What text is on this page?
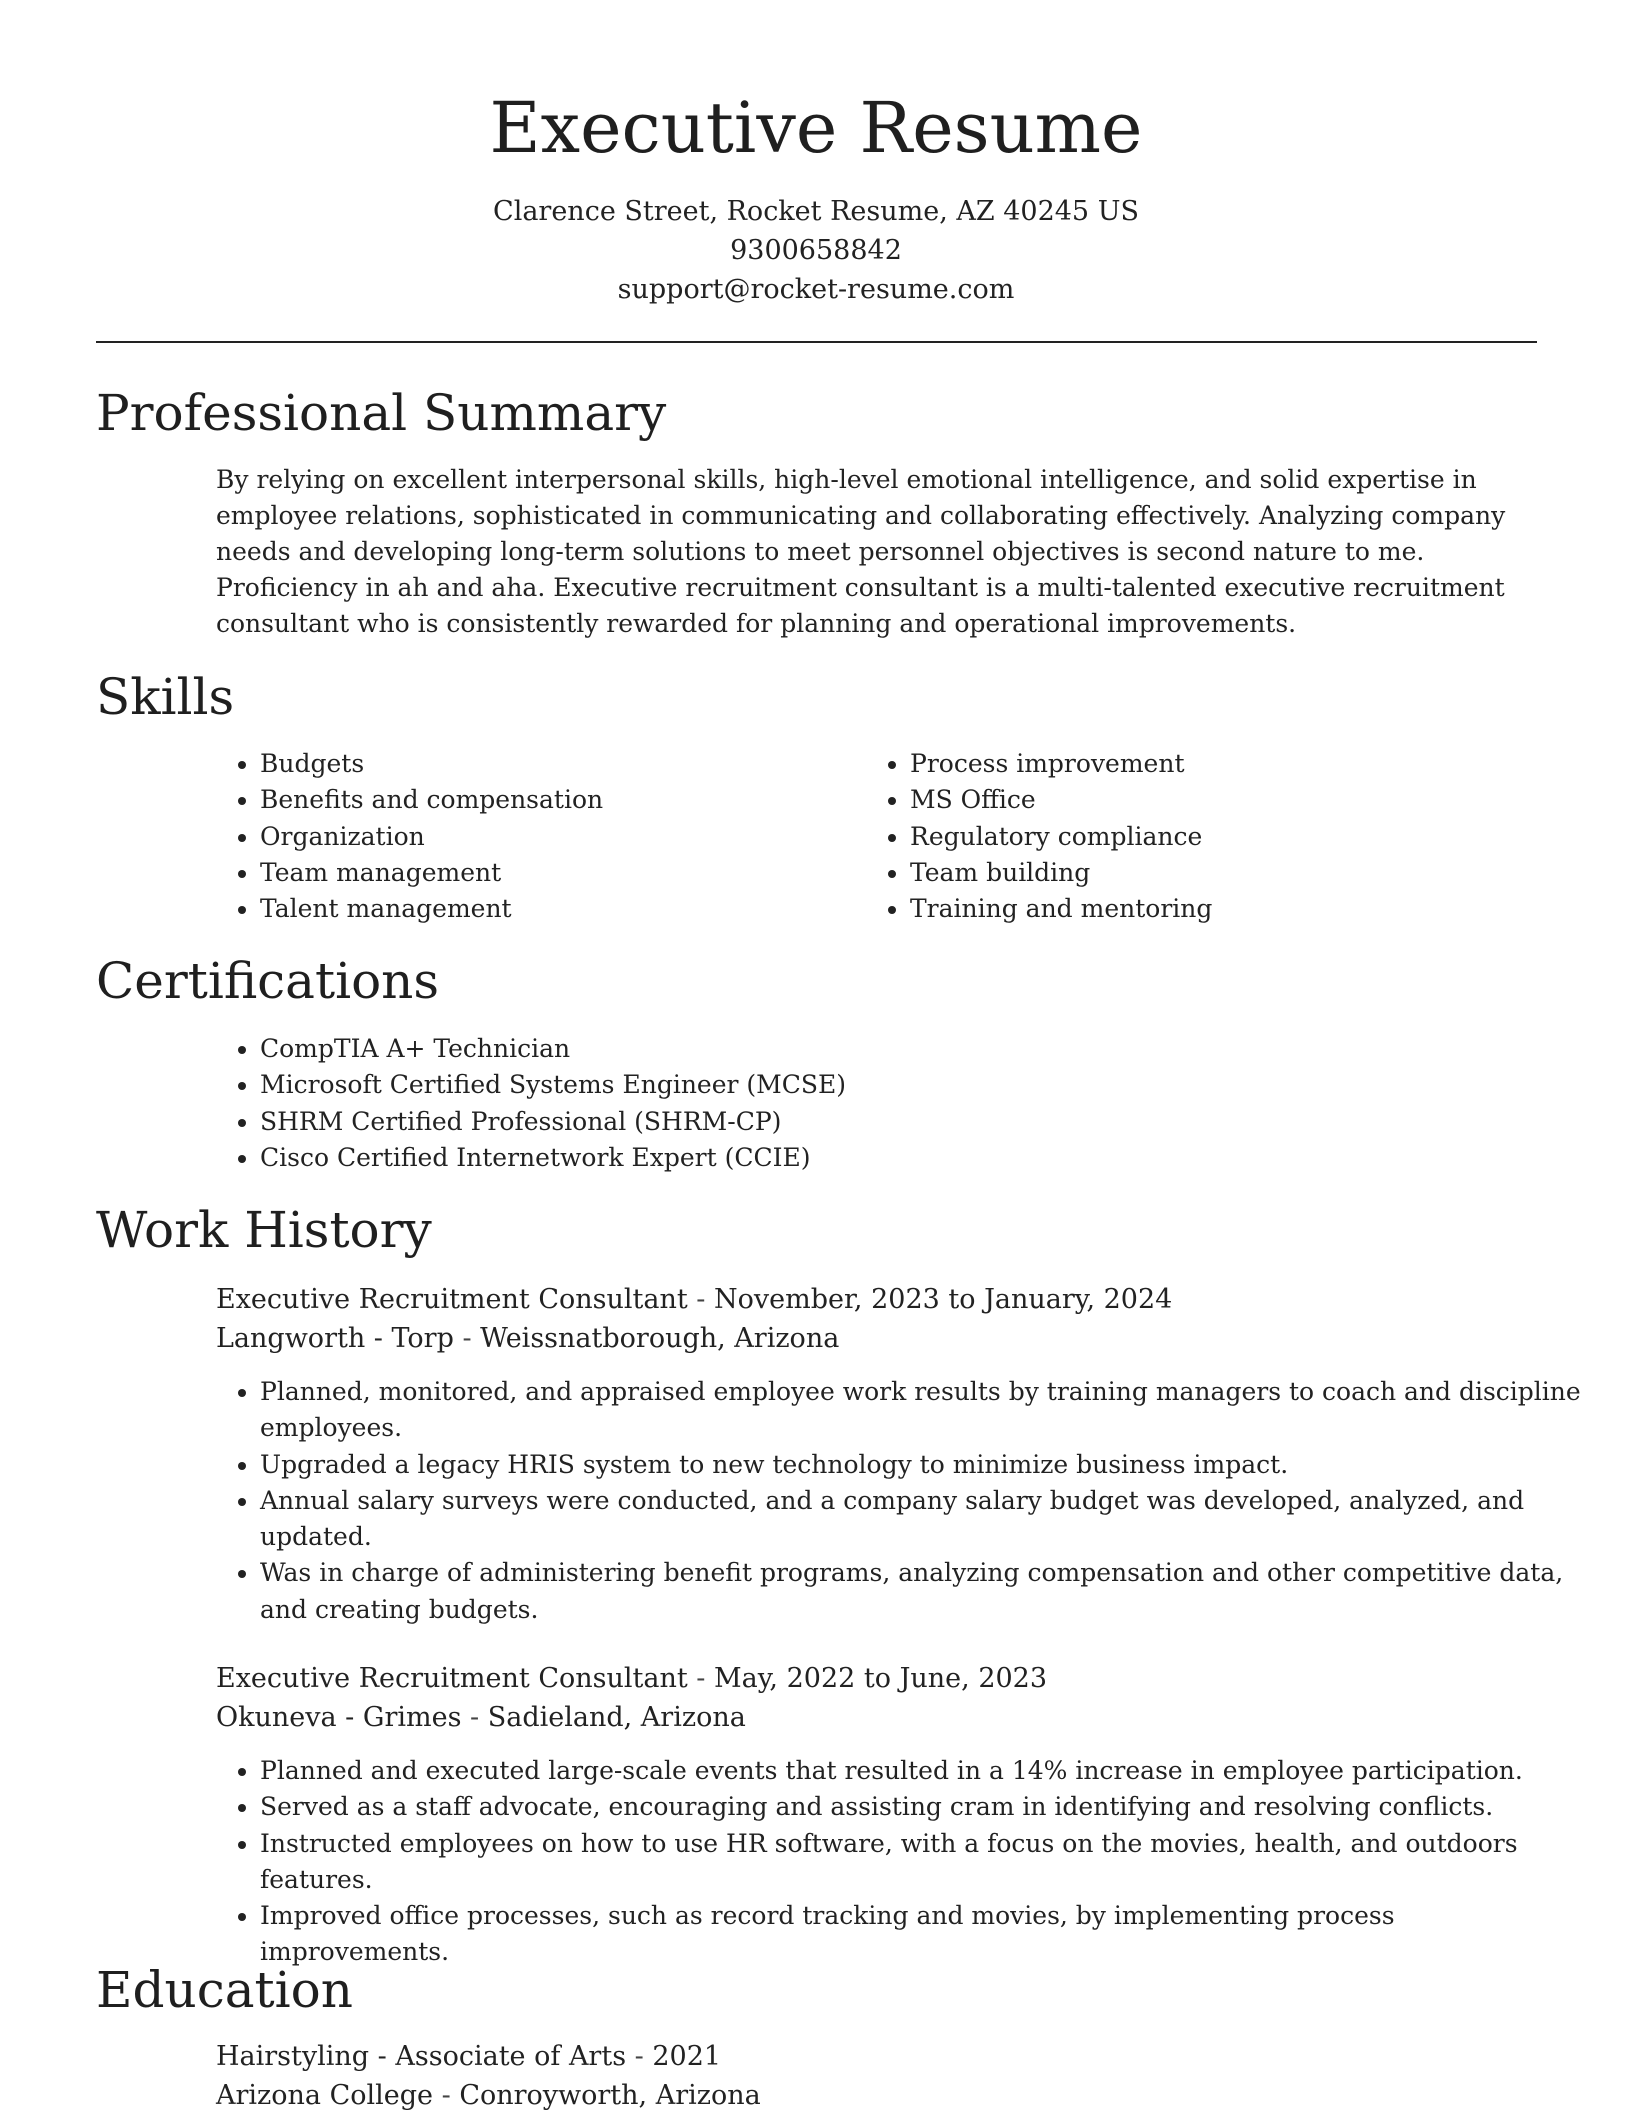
Executive Resume
Clarence Street, Rocket Resume, AZ 40245 US
9300658842
support@rocket-resume.com
Professional Summary
By relying on excellent interpersonal skills, high-level emotional intelligence, and solid expertise in employee relations, sophisticated in communicating and collaborating effectively. Analyzing company needs and developing long-term solutions to meet personnel objectives is second nature to me. Proficiency in ah and aha. Executive recruitment consultant is a multi-talented executive recruitment consultant who is consistently rewarded for planning and operational improvements.
Skills
• Budgets
• Benefits and compensation
• Organization
• Team management
• Talent management
• Process improvement
• MS Office
• Regulatory compliance
• Team building
• Training and mentoring
Certifications
• CompTIA A+ Technician
• Microsoft Certified Systems Engineer (MCSE)
• SHRM Certified Professional (SHRM-CP)
• Cisco Certified Internetwork Expert (CCIE)
Work History
Executive Recruitment Consultant - November, 2023 to January, 2024
Langworth - Torp - Weissnatborough, Arizona
• Planned, monitored, and appraised employee work results by training managers to coach and discipline employees.
• Upgraded a legacy HRIS system to new technology to minimize business impact.
• Annual salary surveys were conducted, and a company salary budget was developed, analyzed, and updated.
• Was in charge of administering benefit programs, analyzing compensation and other competitive data, and creating budgets.
Executive Recruitment Consultant - May, 2022 to June, 2023
Okuneva - Grimes - Sadieland, Arizona
• Planned and executed large-scale events that resulted in a 14% increase in employee participation.
• Served as a staff advocate, encouraging and assisting cram in identifying and resolving conflicts.
• Instructed employees on how to use HR software, with a focus on the movies, health, and outdoors features.
• Improved office processes, such as record tracking and movies, by implementing process improvements.
Education
Hairstyling - Associate of Arts - 2021
Arizona College - Conroyworth, Arizona
